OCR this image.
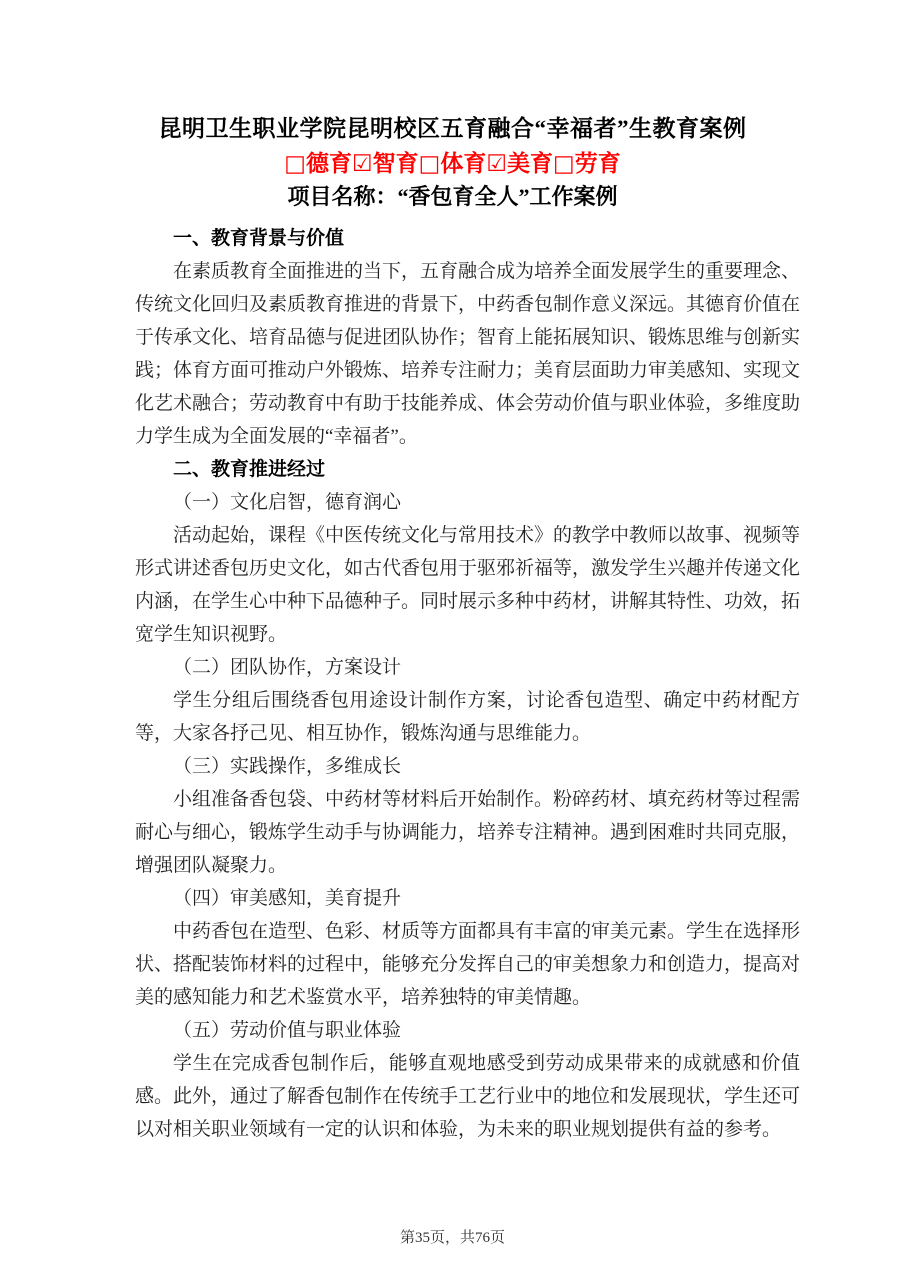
昆明卫生职业学院昆明校区五育融合“幸福者”生教育案例
□德育☑智育□体育☑美育□劳育
项目名称：“香包育全人”工作案例

一、教育背景与价值

在素质教育全面推进的当下，五育融合成为培养全面发展学生的重要理念、传统文化回归及素质教育推进的背景下，中药香包制作意义深远。其德育价值在于传承文化、培育品德与促进团队协作；智育上能拓展知识、锻炼思维与创新实践；体育方面可推动户外锻炼、培养专注耐力；美育层面助力审美感知、实现文化艺术融合；劳动教育中有助于技能养成、体会劳动价值与职业体验，多维度助力学生成为全面发展的“幸福者”。

二、教育推进经过

（一）文化启智，德育润心

活动起始，课程《中医传统文化与常用技术》的教学中教师以故事、视频等形式讲述香包历史文化，如古代香包用于驱邪祈福等，激发学生兴趣并传递文化内涵，在学生心中种下品德种子。同时展示多种中药材，讲解其特性、功效，拓宽学生知识视野。

（二）团队协作，方案设计

学生分组后围绕香包用途设计制作方案，讨论香包造型、确定中药材配方等，大家各抒己见、相互协作，锻炼沟通与思维能力。

（三）实践操作，多维成长

小组准备香包袋、中药材等材料后开始制作。粉碎药材、填充药材等过程需耐心与细心，锻炼学生动手与协调能力，培养专注精神。遇到困难时共同克服，增强团队凝聚力。

（四）审美感知，美育提升

中药香包在造型、色彩、材质等方面都具有丰富的审美元素。学生在选择形状、搭配装饰材料的过程中，能够充分发挥自己的审美想象力和创造力，提高对美的感知能力和艺术鉴赏水平，培养独特的审美情趣。

（五）劳动价值与职业体验

学生在完成香包制作后，能够直观地感受到劳动成果带来的成就感和价值感。此外，通过了解香包制作在传统手工艺行业中的地位和发展现状，学生还可以对相关职业领域有一定的认识和体验，为未来的职业规划提供有益的参考。

第35页，共76页
